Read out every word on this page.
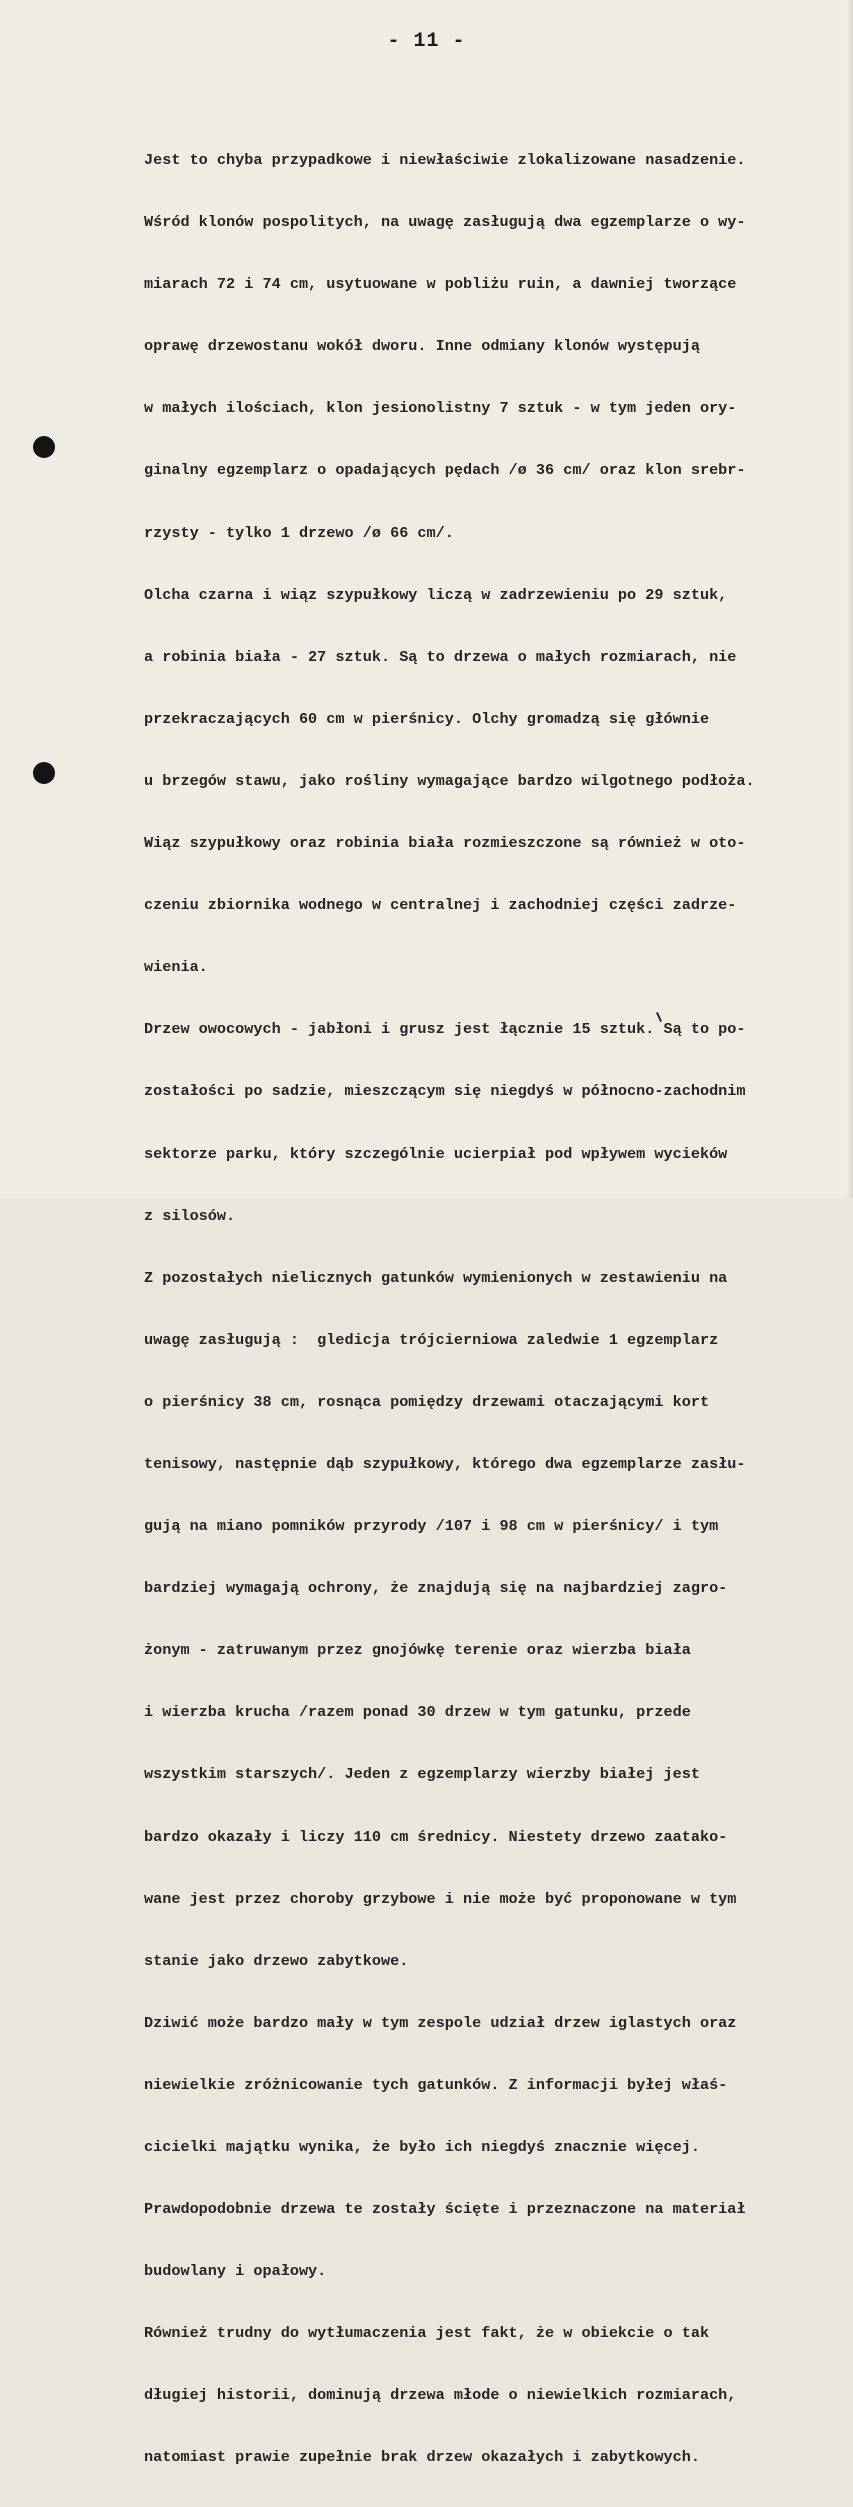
- 11 -

Jest to chyba przypadkowe i niewłaściwie zlokalizowane nasadzenie.

Wśród klonów pospolitych, na uwagę zasługują dwa egzemplarze o wy-

miarach 72 i 74 cm, usytuowane w pobliżu ruin, a dawniej tworzące

oprawę drzewostanu wokół dworu. Inne odmiany klonów występują

w małych ilościach, klon jesionolistny 7 sztuk - w tym jeden ory-

ginalny egzemplarz o opadających pędach /ø 36 cm/ oraz klon srebr-

rzysty - tylko 1 drzewo /ø 66 cm/.

Olcha czarna i wiąz szypułkowy liczą w zadrzewieniu po 29 sztuk,

a robinia biała - 27 sztuk. Są to drzewa o małych rozmiarach, nie

przekraczających 60 cm w pierśnicy. Olchy gromadzą się głównie

u brzegów stawu, jako rośliny wymagające bardzo wilgotnego podłoża.

Wiąz szypułkowy oraz robinia biała rozmieszczone są również w oto-

czeniu zbiornika wodnego w centralnej i zachodniej części zadrze-

wienia.

Drzew owocowych - jabłoni i grusz jest łącznie 15 sztuk. Są to po-

zostałości po sadzie, mieszczącym się niegdyś w północno-zachodnim

sektorze parku, który szczególnie ucierpiał pod wpływem wycieków

z silosów.

Z pozostałych nielicznych gatunków wymienionych w zestawieniu na

uwagę zasługują :  gledicja trójcierniowa zaledwie 1 egzemplarz

o pierśnicy 38 cm, rosnąca pomiędzy drzewami otaczającymi kort

tenisowy, następnie dąb szypułkowy, którego dwa egzemplarze zasłu-

gują na miano pomników przyrody /107 i 98 cm w pierśnicy/ i tym

bardziej wymagają ochrony, że znajdują się na najbardziej zagro-

żonym - zatruwanym przez gnojówkę terenie oraz wierzba biała

i wierzba krucha /razem ponad 30 drzew w tym gatunku, przede

wszystkim starszych/. Jeden z egzemplarzy wierzby białej jest

bardzo okazały i liczy 110 cm średnicy. Niestety drzewo zaatako-

wane jest przez choroby grzybowe i nie może być proponowane w tym

stanie jako drzewo zabytkowe.

Dziwić może bardzo mały w tym zespole udział drzew iglastych oraz

niewielkie zróżnicowanie tych gatunków. Z informacji byłej właś-

cicielki majątku wynika, że było ich niegdyś znacznie więcej.

Prawdopodobnie drzewa te zostały ścięte i przeznaczone na materiał

budowlany i opałowy.

Również trudny do wytłumaczenia jest fakt, że w obiekcie o tak

długiej historii, dominują drzewa młode o niewielkich rozmiarach,

natomiast prawie zupełnie brak drzew okazałych i zabytkowych.
